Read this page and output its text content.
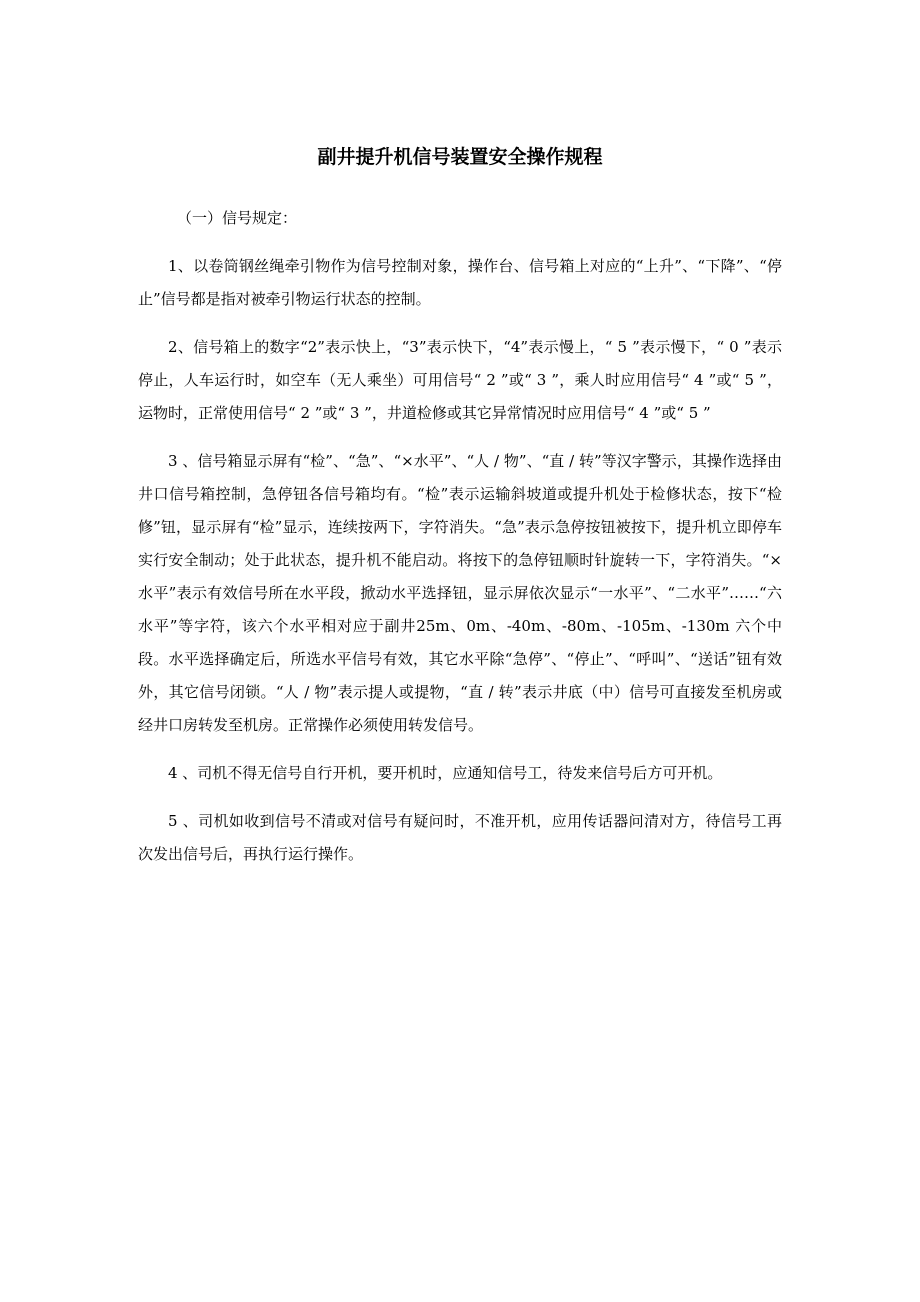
副井提升机信号装置安全操作规程

（一）信号规定：

1、以卷筒钢丝绳牵引物作为信号控制对象，操作台、信号箱上对应的“上升”、“下降”、“停止”信号都是指对被牵引物运行状态的控制。

2、信号箱上的数字“2”表示快上，“3”表示快下，“4”表示慢上，“ 5 ”表示慢下，“ 0 ”表示停止，人车运行时，如空车（无人乘坐）可用信号“ 2 ”或“ 3 ”，乘人时应用信号“ 4 ”或“ 5 ”，运物时，正常使用信号“ 2 ”或“ 3 ”，井道检修或其它异常情况时应用信号“ 4 ”或“ 5 ”

3 、信号箱显示屏有“检”、“急”、“×水平”、“人 / 物”、“直 / 转”等汉字警示，其操作选择由井口信号箱控制，急停钮各信号箱均有。“检”表示运输斜坡道或提升机处于检修状态，按下“检修”钮，显示屏有“检”显示，连续按两下，字符消失。“急”表示急停按钮被按下，提升机立即停车实行安全制动；处于此状态，提升机不能启动。将按下的急停钮顺时针旋转一下，字符消失。“×水平”表示有效信号所在水平段，掀动水平选择钮，显示屏依次显示“一水平”、“二水平”……“六水平”等字符，该六个水平相对应于副井25m、0m、-40m、-80m、-105m、-130m 六个中段。水平选择确定后，所选水平信号有效，其它水平除“急停”、“停止”、“呼叫”、“送话”钮有效外，其它信号闭锁。“人 / 物”表示提人或提物，“直 / 转”表示井底（中）信号可直接发至机房或经井口房转发至机房。正常操作必须使用转发信号。

4 、司机不得无信号自行开机，要开机时，应通知信号工，待发来信号后方可开机。

5 、司机如收到信号不清或对信号有疑问时，不准开机，应用传话器问清对方，待信号工再次发出信号后，再执行运行操作。
